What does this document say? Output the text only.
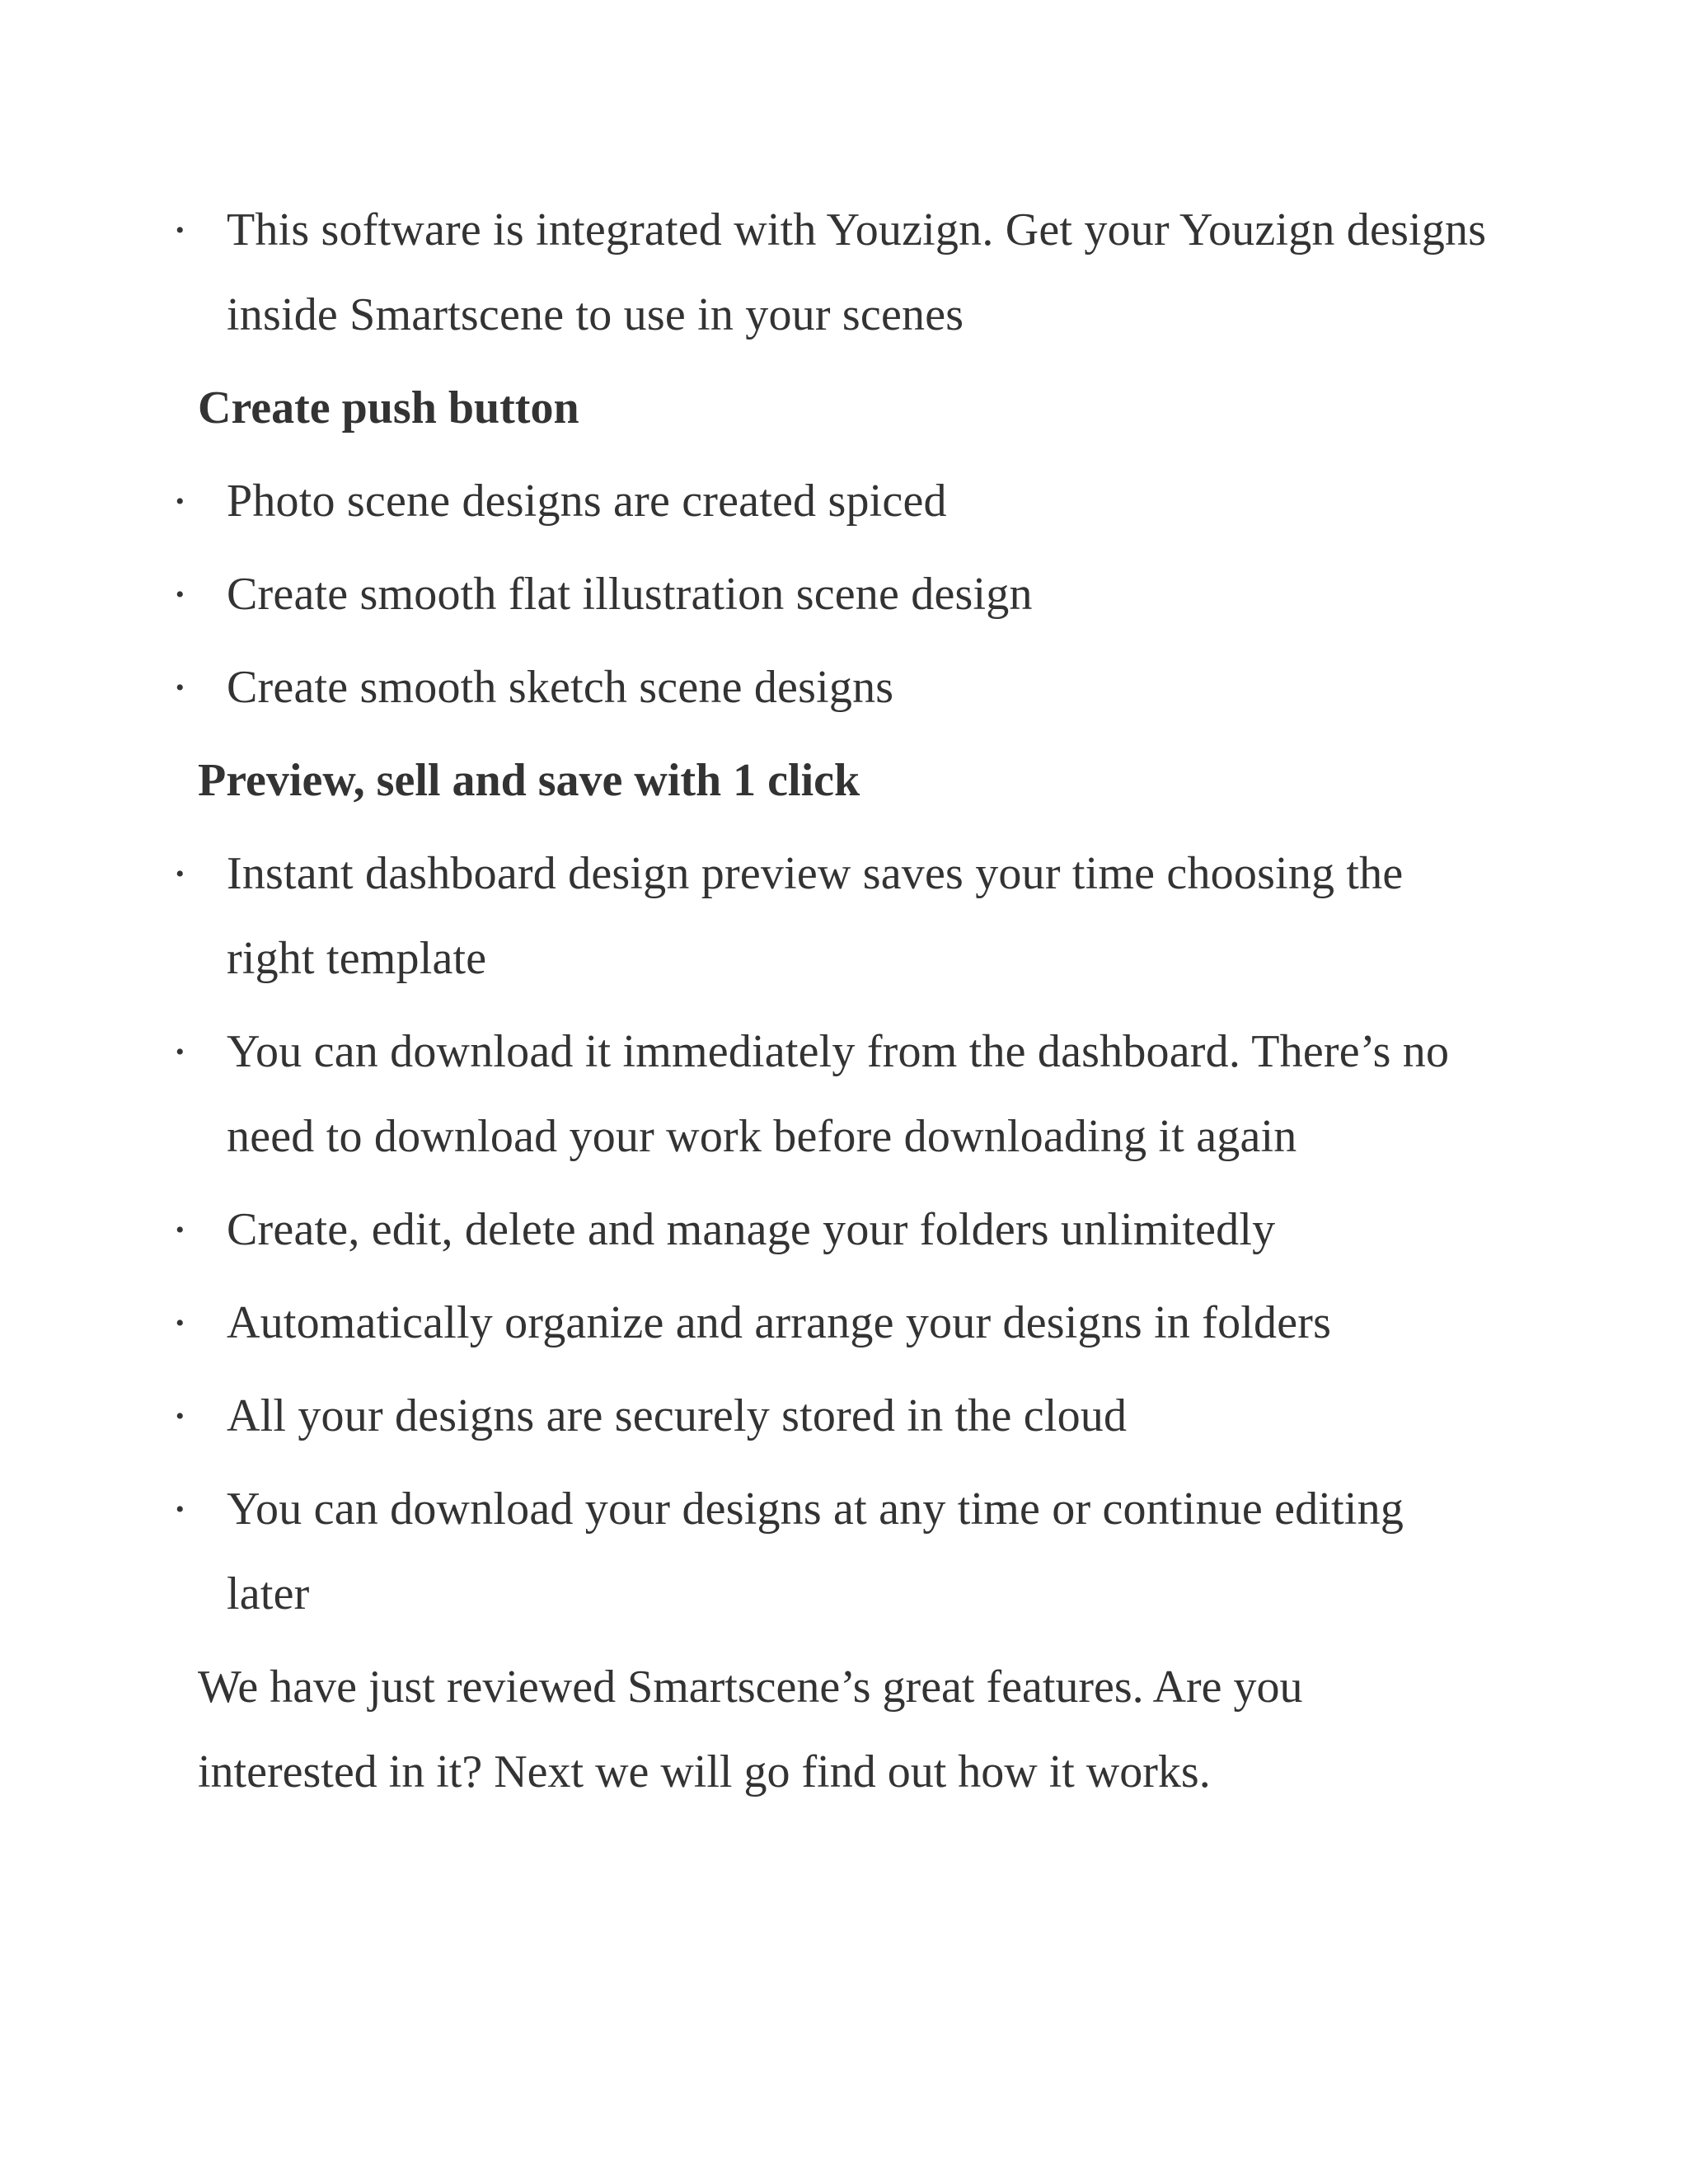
• This software is integrated with Youzign. Get your Youzign designs inside Smartscene to use in your scenes
Create push button
• Photo scene designs are created spiced
• Create smooth flat illustration scene design
• Create smooth sketch scene designs
Preview, sell and save with 1 click
• Instant dashboard design preview saves your time choosing the right template
• You can download it immediately from the dashboard. There’s no need to download your work before downloading it again
• Create, edit, delete and manage your folders unlimitedly
• Automatically organize and arrange your designs in folders
• All your designs are securely stored in the cloud
• You can download your designs at any time or continue editing later

We have just reviewed Smartscene’s great features. Are you interested in it? Next we will go find out how it works.
